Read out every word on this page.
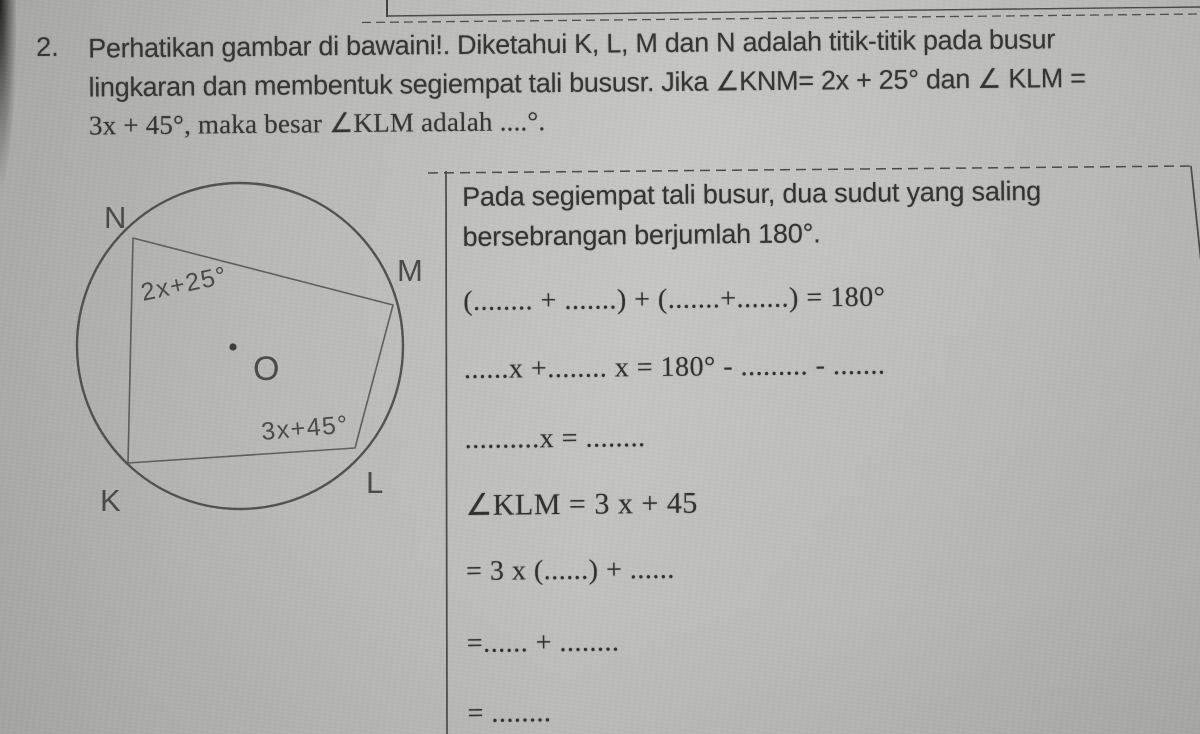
2. Perhatikan gambar di bawaini!. Diketahui K, L, M dan N adalah titik-titik pada busur
lingkaran dan membentuk segiempat tali bususr. Jika ∠KNM= 2x + 25° dan ∠ KLM =
3x + 45°, maka besar ∠KLM adalah ....°.
O
N
M
L
K
2x+25°
3x+45°
Pada segiempat tali busur, dua sudut yang saling
bersebrangan berjumlah 180°.
(........ + .......) + (.......+.......) = 180°
......x +........ x = 180° - ......... - .......
..........x = ........
∠KLM = 3 x + 45
= 3 x (......) + ......
=...... + ........
= ........
